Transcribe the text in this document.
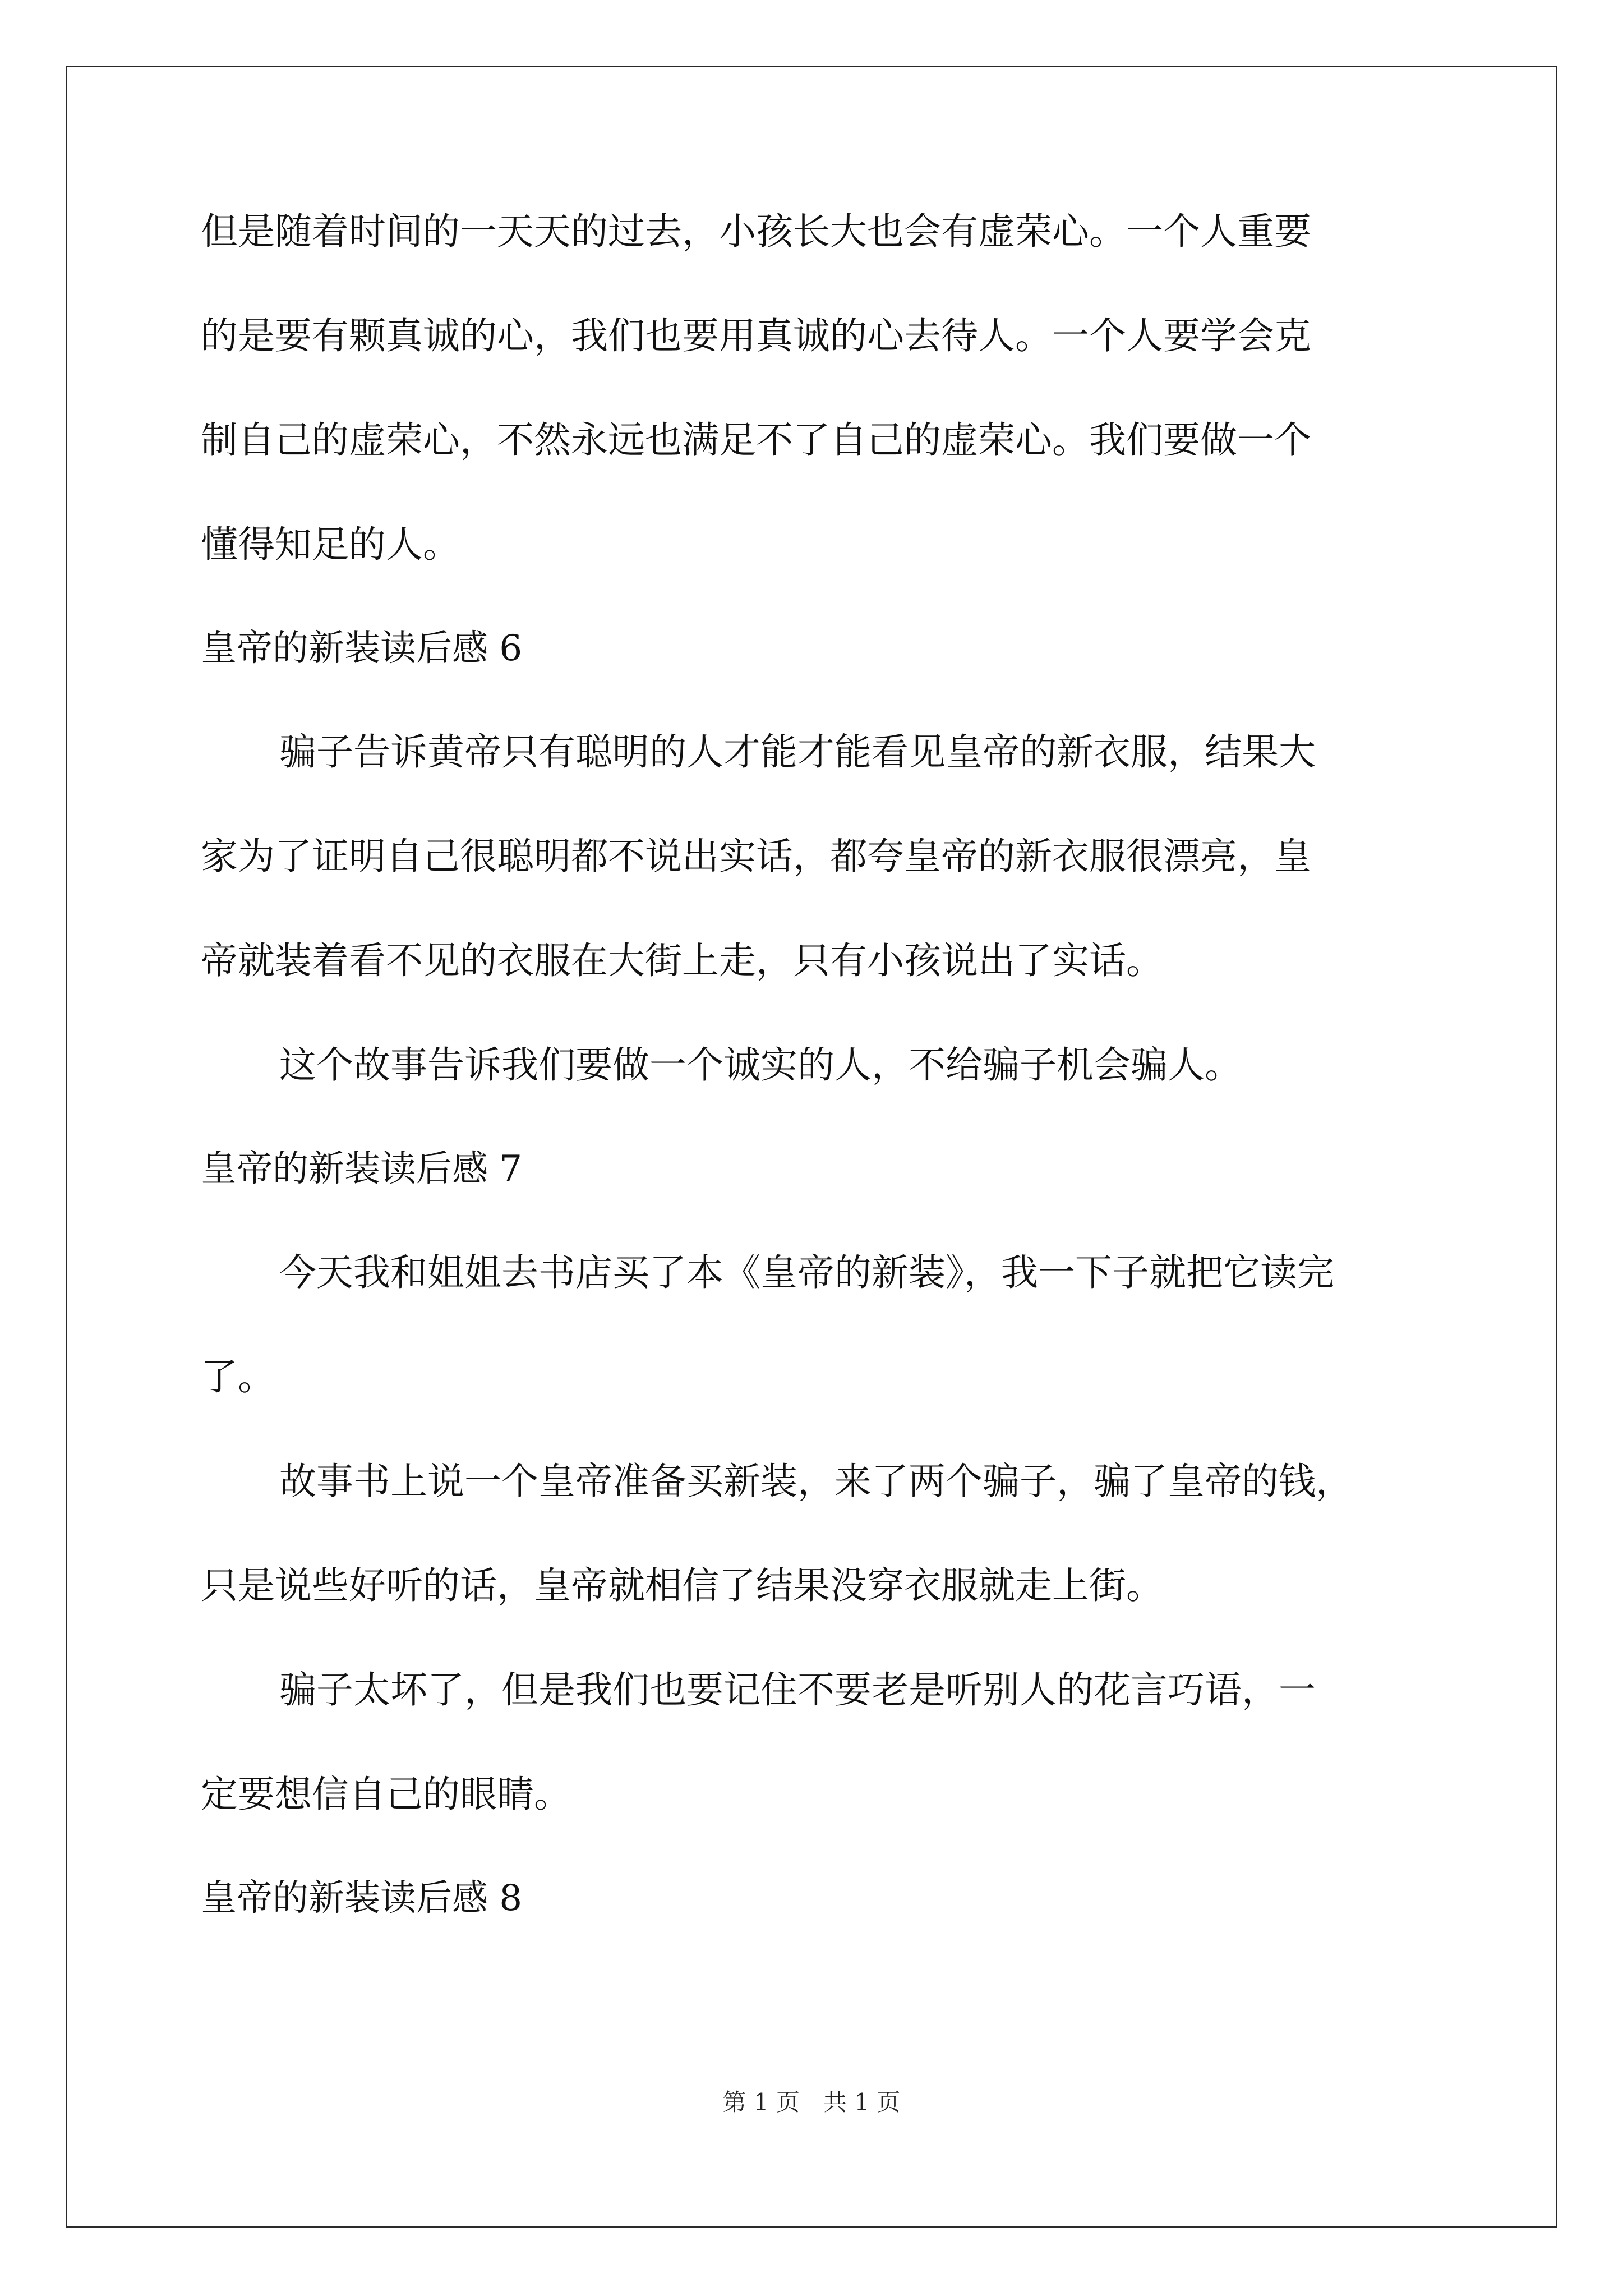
但是随着时间的一天天的过去，小孩长大也会有虚荣心。一个人重要
的是要有颗真诚的心，我们也要用真诚的心去待人。一个人要学会克
制自己的虚荣心，不然永远也满足不了自己的虚荣心。我们要做一个
懂得知足的人。
皇帝的新装读后感 6
骗子告诉黄帝只有聪明的人才能才能看见皇帝的新衣服，结果大
家为了证明自己很聪明都不说出实话，都夸皇帝的新衣服很漂亮，皇
帝就装着看不见的衣服在大街上走，只有小孩说出了实话。
这个故事告诉我们要做一个诚实的人，不给骗子机会骗人。
皇帝的新装读后感 7
今天我和姐姐去书店买了本《皇帝的新装》，我一下子就把它读完
了。
故事书上说一个皇帝准备买新装，来了两个骗子，骗了皇帝的钱，
只是说些好听的话，皇帝就相信了结果没穿衣服就走上街。
骗子太坏了，但是我们也要记住不要老是听别人的花言巧语，一
定要想信自己的眼睛。
皇帝的新装读后感 8
第 1 页　共 1 页
